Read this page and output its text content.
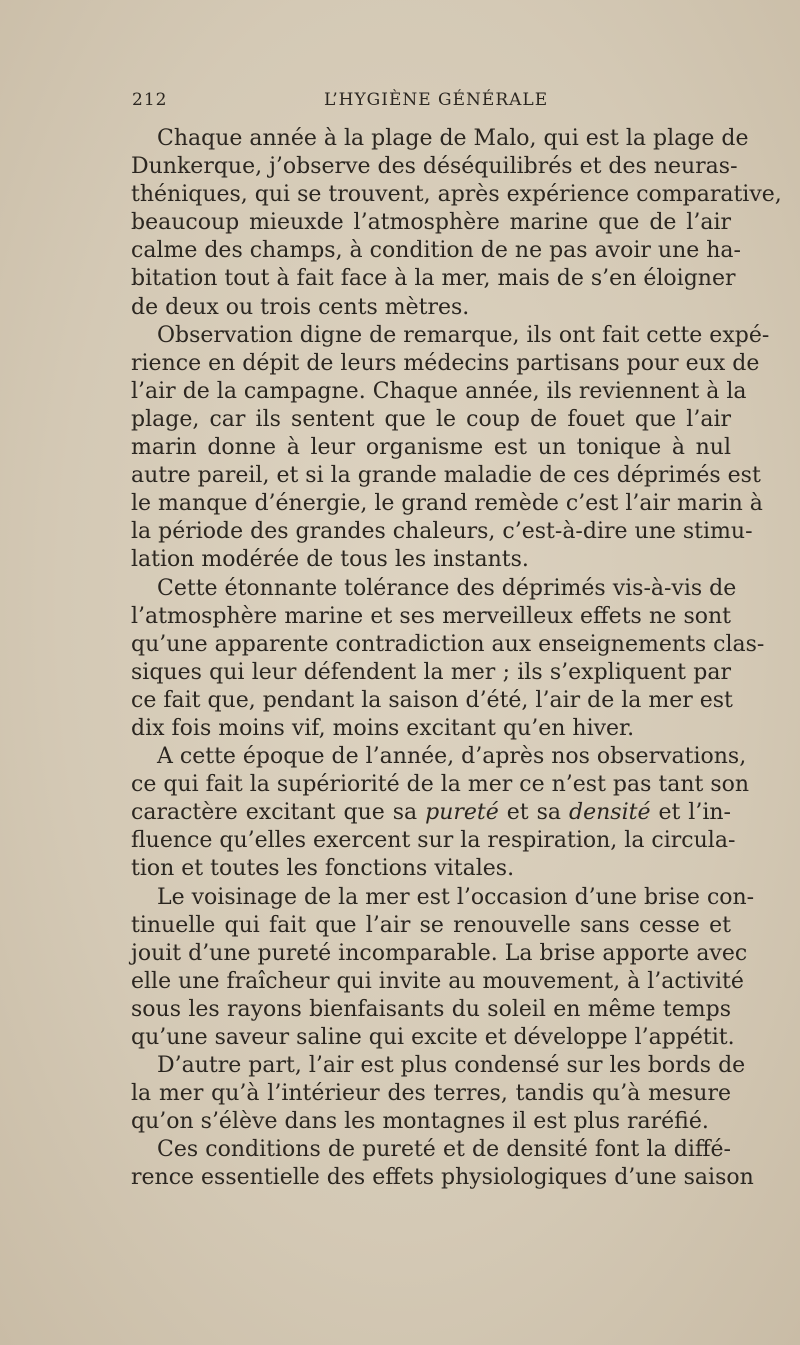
212	L’HYGIÈNE GÉNÉRALE
Chaque année à la plage de Malo, qui est la plage de
Dunkerque, j’observe des déséquilibrés et des neuras-
théniques, qui se trouvent, après expérience comparative,
beaucoup mieuxde l’atmosphère marine que de l’air
calme des champs, à condition de ne pas avoir une ha-
bitation tout à fait face à la mer, mais de s’en éloigner
de deux ou trois cents mètres.
Observation digne de remarque, ils ont fait cette expé-
rience en dépit de leurs médecins partisans pour eux de
l’air de la campagne. Chaque année, ils reviennent à la
plage, car ils sentent que le coup de fouet que l’air
marin donne à leur organisme est un tonique à nul
autre pareil, et si la grande maladie de ces déprimés est
le manque d’énergie, le grand remède c’est l’air marin à
la période des grandes chaleurs, c’est-à-dire une stimu-
lation modérée de tous les instants.
Cette étonnante tolérance des déprimés vis-à-vis de
l’atmosphère marine et ses merveilleux effets ne sont
qu’une apparente contradiction aux enseignements clas-
siques qui leur défendent la mer ; ils s’expliquent par
ce fait que, pendant la saison d’été, l’air de la mer est
dix fois moins vif, moins excitant qu’en hiver.
A cette époque de l’année, d’après nos observations,
ce qui fait la supériorité de la mer ce n’est pas tant son
caractère excitant que sa pureté et sa densité et l’in-
fluence qu’elles exercent sur la respiration, la circula-
tion et toutes les fonctions vitales.
Le voisinage de la mer est l’occasion d’une brise con-
tinuelle qui fait que l’air se renouvelle sans cesse et
jouit d’une pureté incomparable. La brise apporte avec
elle une fraîcheur qui invite au mouvement, à l’activité
sous les rayons bienfaisants du soleil en même temps
qu’une saveur saline qui excite et développe l’appétit.
D’autre part, l’air est plus condensé sur les bords de
la mer qu’à l’intérieur des terres, tandis qu’à mesure
qu’on s’élève dans les montagnes il est plus raréfié.
Ces conditions de pureté et de densité font la diffé-
rence essentielle des effets physiologiques d’une saison
